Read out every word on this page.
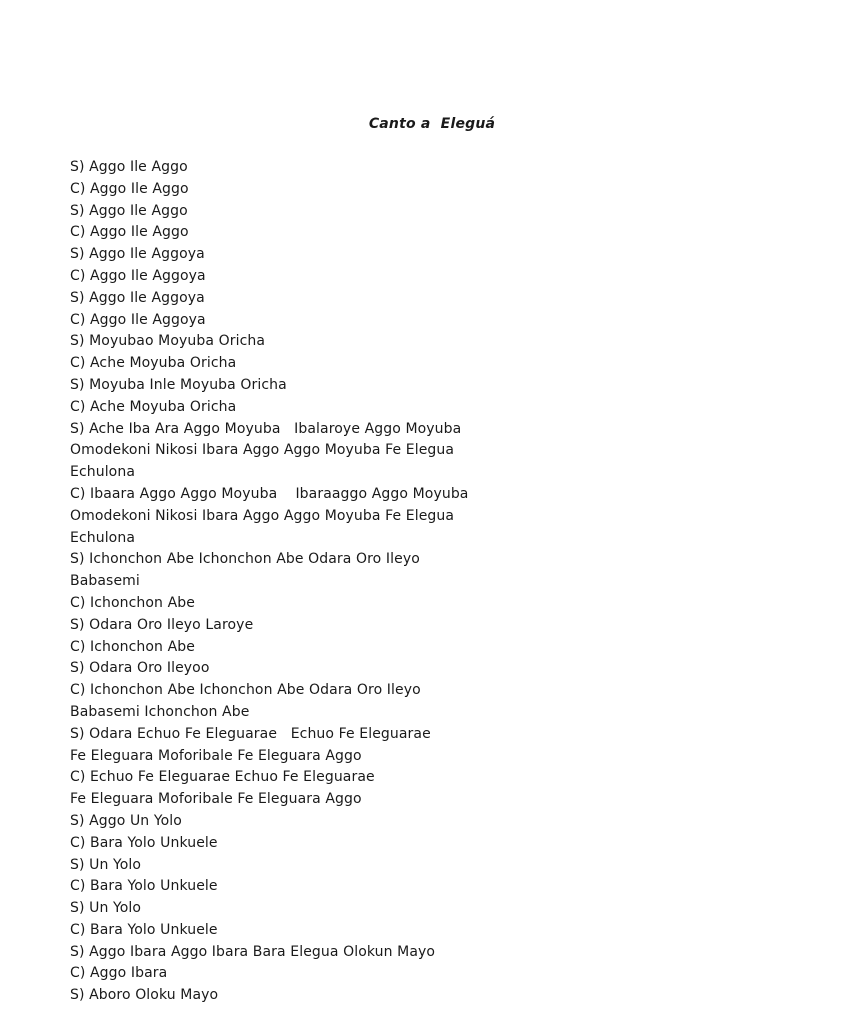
Canto a  Eleguá
S) Aggo Ile Aggo
C) Aggo Ile Aggo
S) Aggo Ile Aggo
C) Aggo Ile Aggo
S) Aggo Ile Aggoya
C) Aggo Ile Aggoya
S) Aggo Ile Aggoya
C) Aggo Ile Aggoya
S) Moyubao Moyuba Oricha
C) Ache Moyuba Oricha
S) Moyuba Inle Moyuba Oricha
C) Ache Moyuba Oricha
S) Ache Iba Ara Aggo Moyuba   Ibalaroye Aggo Moyuba
Omodekoni Nikosi Ibara Aggo Aggo Moyuba Fe Elegua
Echulona
C) Ibaara Aggo Aggo Moyuba    Ibaraaggo Aggo Moyuba
Omodekoni Nikosi Ibara Aggo Aggo Moyuba Fe Elegua
Echulona
S) Ichonchon Abe Ichonchon Abe Odara Oro Ileyo
Babasemi
C) Ichonchon Abe
S) Odara Oro Ileyo Laroye
C) Ichonchon Abe
S) Odara Oro Ileyoo
C) Ichonchon Abe Ichonchon Abe Odara Oro Ileyo
Babasemi Ichonchon Abe
S) Odara Echuo Fe Eleguarae   Echuo Fe Eleguarae
Fe Eleguara Moforibale Fe Eleguara Aggo
C) Echuo Fe Eleguarae Echuo Fe Eleguarae
Fe Eleguara Moforibale Fe Eleguara Aggo
S) Aggo Un Yolo
C) Bara Yolo Unkuele
S) Un Yolo
C) Bara Yolo Unkuele
S) Un Yolo
C) Bara Yolo Unkuele
S) Aggo Ibara Aggo Ibara Bara Elegua Olokun Mayo
C) Aggo Ibara
S) Aboro Oloku Mayo
